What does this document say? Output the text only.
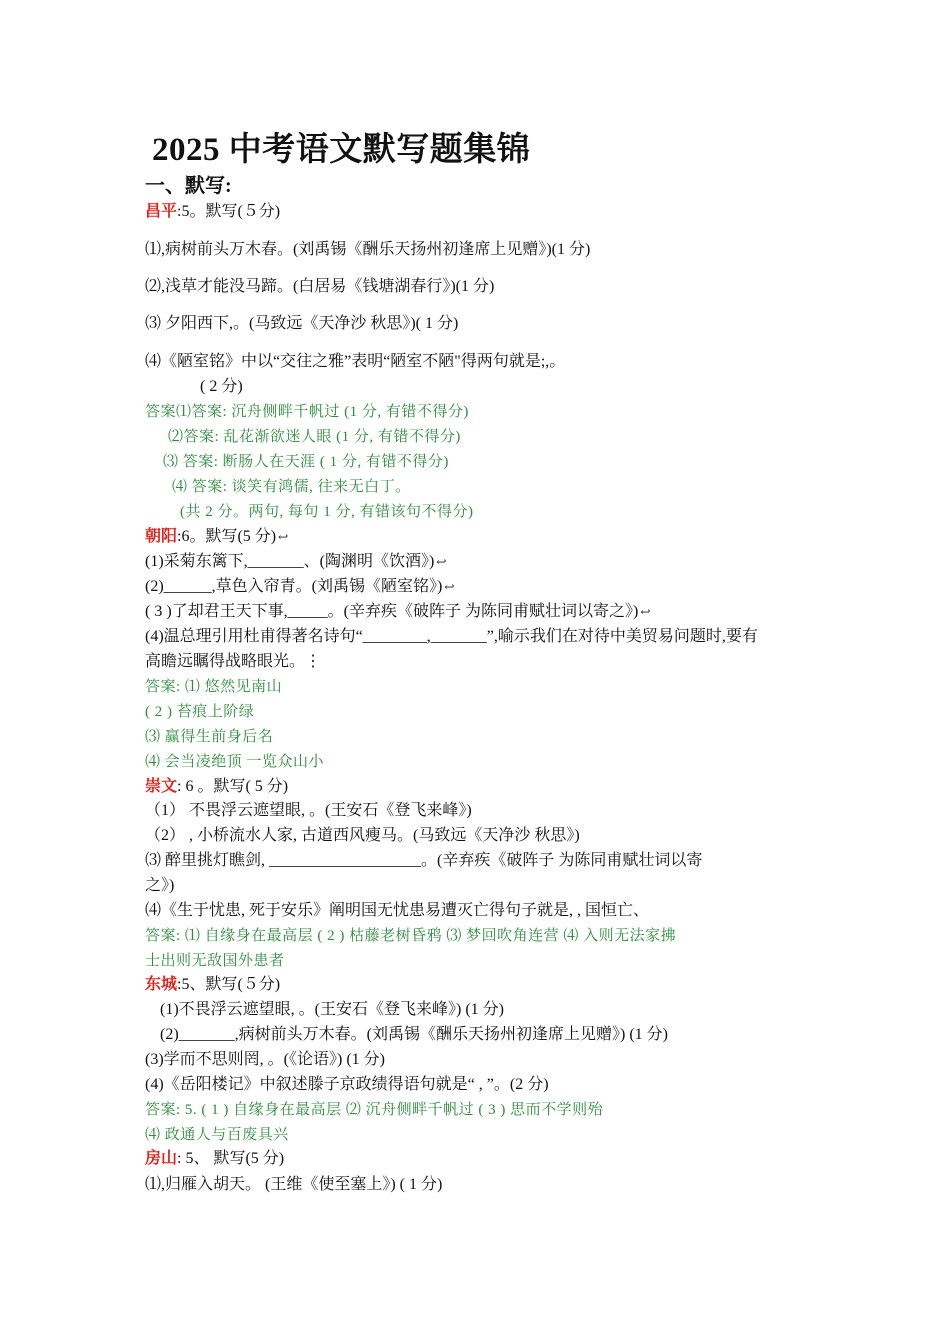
2025 中考语文默写题集锦
一、默写:
昌平:5。默写(５分)
⑴,病树前头万木春。(刘禹锡《酬乐天扬州初逢席上见赠》)(1 分)
⑵,浅草才能没马蹄。(白居易《钱塘湖春行》)(1 分)
⑶ 夕阳西下,。(马致远《天净沙 秋思》)( 1 分)
⑷《陋室铭》中以“交往之雅”表明“陋室不陋"得两句就是;,。
( 2 分)
答案⑴答案: 沉舟侧畔千帆过 (1 分, 有错不得分)
⑵答案: 乱花渐欲迷人眼 (1 分, 有错不得分)
⑶ 答案: 断肠人在天涯 ( 1 分, 有错不得分)
⑷ 答案: 谈笑有鸿儒, 往来无白丁。
(共 2 分。两句, 每句 1 分, 有错该句不得分)
朝阳:6。默写(5 分) ↩
(1)采菊东篱下,_______、(陶渊明《饮酒》) ↩
(2)______,草色入帘青。(刘禹锡《陋室铭》) ↩
( 3 )了却君王天下事,_____。(辛弃疾《破阵子 为陈同甫赋壮词以寄之》) ↩
(4)温总理引用杜甫得著名诗句“________,_______”,喻示我们在对待中美贸易问题时,要有
高瞻远瞩得战略眼光。⋮
答案: ⑴ 悠然见南山
( 2 ) 苔痕上阶绿
⑶ 赢得生前身后名
⑷ 会当凌绝顶 一览众山小
崇文: 6 。默写( 5 分)
（1） 不畏浮云遮望眼, 。(王安石《登飞来峰》)
（2） , 小桥流水人家, 古道西风瘦马。(马致远《天净沙 秋思》)
⑶ 醉里挑灯瞧剑, ___________________。(辛弃疾《破阵子 为陈同甫赋壮词以寄
之》)
⑷《生于忧患, 死于安乐》阐明国无忧患易遭灭亡得句子就是, , 国恒亡、
答案: ⑴ 自缘身在最高层 ( 2 ) 枯藤老树昏鸦 ⑶ 梦回吹角连营 ⑷ 入则无法家拂
士出则无敌国外患者
东城:5、默写(５分)
(1)不畏浮云遮望眼, 。(王安石《登飞来峰》) (1 分)
(2)_______,病树前头万木春。(刘禹锡《酬乐天扬州初逢席上见赠》) (1 分)
(3)学而不思则罔, 。(《论语》) (1 分)
(4)《岳阳楼记》中叙述滕子京政绩得语句就是“ , ”。(2 分)
答案: 5. ( 1 ) 自缘身在最高层 ⑵ 沉舟侧畔千帆过 ( 3 ) 思而不学则殆
⑷ 政通人与百废具兴
房山: 5、 默写(5 分)
⑴,归雁入胡天。 (王维《使至塞上》) ( 1 分)
